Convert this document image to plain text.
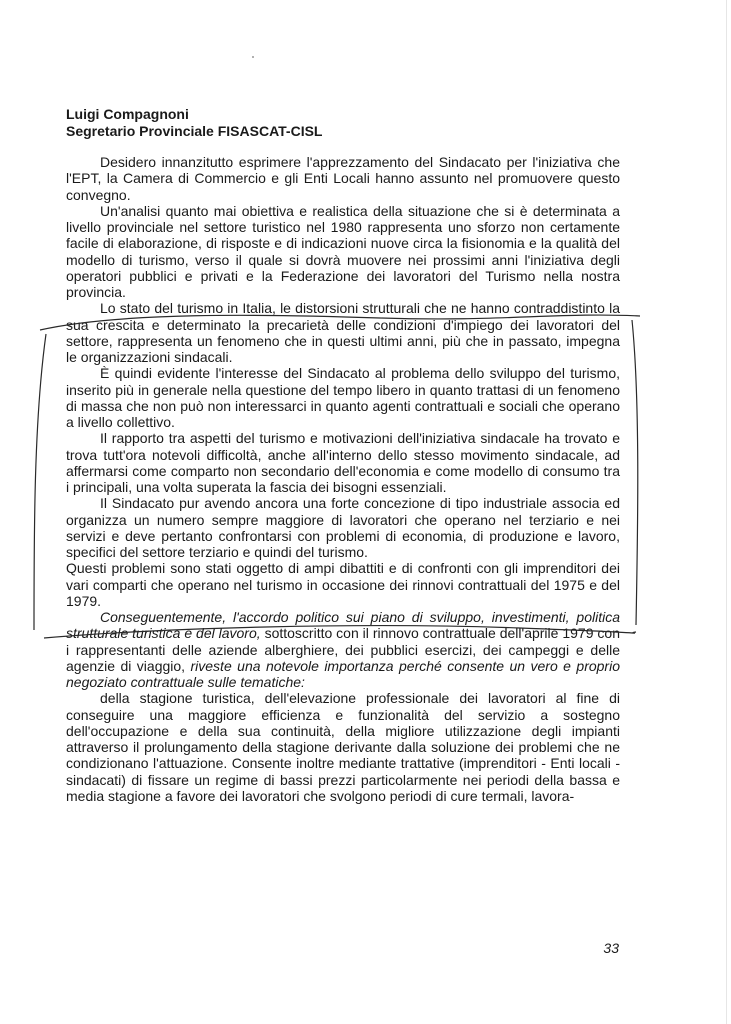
Luigi Compagnoni
Segretario Provinciale FISASCAT-CISL

Desidero innanzitutto esprimere l'apprezzamento del Sindacato per l'iniziativa che l'EPT, la Camera di Commercio e gli Enti Locali hanno assunto nel promuovere questo convegno.

Un'analisi quanto mai obiettiva e realistica della situazione che si è determinata a livello provinciale nel settore turistico nel 1980 rappresenta uno sforzo non certamente facile di elaborazione, di risposte e di indicazioni nuove circa la fisionomia e la qualità del modello di turismo, verso il quale si dovrà muovere nei prossimi anni l'iniziativa degli operatori pubblici e privati e la Federazione dei lavoratori del Turismo nella nostra provincia.

Lo stato del turismo in Italia, le distorsioni strutturali che ne hanno contraddistinto la sua crescita e determinato la precarietà delle condizioni d'impiego dei lavoratori del settore, rappresenta un fenomeno che in questi ultimi anni, più che in passato, impegna le organizzazioni sindacali.

È quindi evidente l'interesse del Sindacato al problema dello sviluppo del turismo, inserito più in generale nella questione del tempo libero in quanto trattasi di un fenomeno di massa che non può non interessarci in quanto agenti contrattuali e sociali che operano a livello collettivo.

Il rapporto tra aspetti del turismo e motivazioni dell'iniziativa sindacale ha trovato e trova tutt'ora notevoli difficoltà, anche all'interno dello stesso movimento sindacale, ad affermarsi come comparto non secondario dell'economia e come modello di consumo tra i principali, una volta superata la fascia dei bisogni essenziali.

Il Sindacato pur avendo ancora una forte concezione di tipo industriale associa ed organizza un numero sempre maggiore di lavoratori che operano nel terziario e nei servizi e deve pertanto confrontarsi con problemi di economia, di produzione e lavoro, specifici del settore terziario e quindi del turismo.

Questi problemi sono stati oggetto di ampi dibattiti e di confronti con gli imprenditori dei vari comparti che operano nel turismo in occasione dei rinnovi contrattuali del 1975 e del 1979.

Conseguentemente, l'accordo politico sui piano di sviluppo, investimenti, politica strutturale turistica e del lavoro, sottoscritto con il rinnovo contrattuale dell'aprile 1979 con i rappresentanti delle aziende alberghiere, dei pubblici esercizi, dei campeggi e delle agenzie di viaggio, riveste una notevole importanza perché consente un vero e proprio negoziato contrattuale sulle tematiche:

della stagione turistica, dell'elevazione professionale dei lavoratori al fine di conseguire una maggiore efficienza e funzionalità del servizio a sostegno dell'occupazione e della sua continuità, della migliore utilizzazione degli impianti attraverso il prolungamento della stagione derivante dalla soluzione dei problemi che ne condizionano l'attuazione. Consente inoltre mediante trattative (imprenditori - Enti locali - sindacati) di fissare un regime di bassi prezzi particolarmente nei periodi della bassa e media stagione a favore dei lavoratori che svolgono periodi di cure termali, lavora-

33
